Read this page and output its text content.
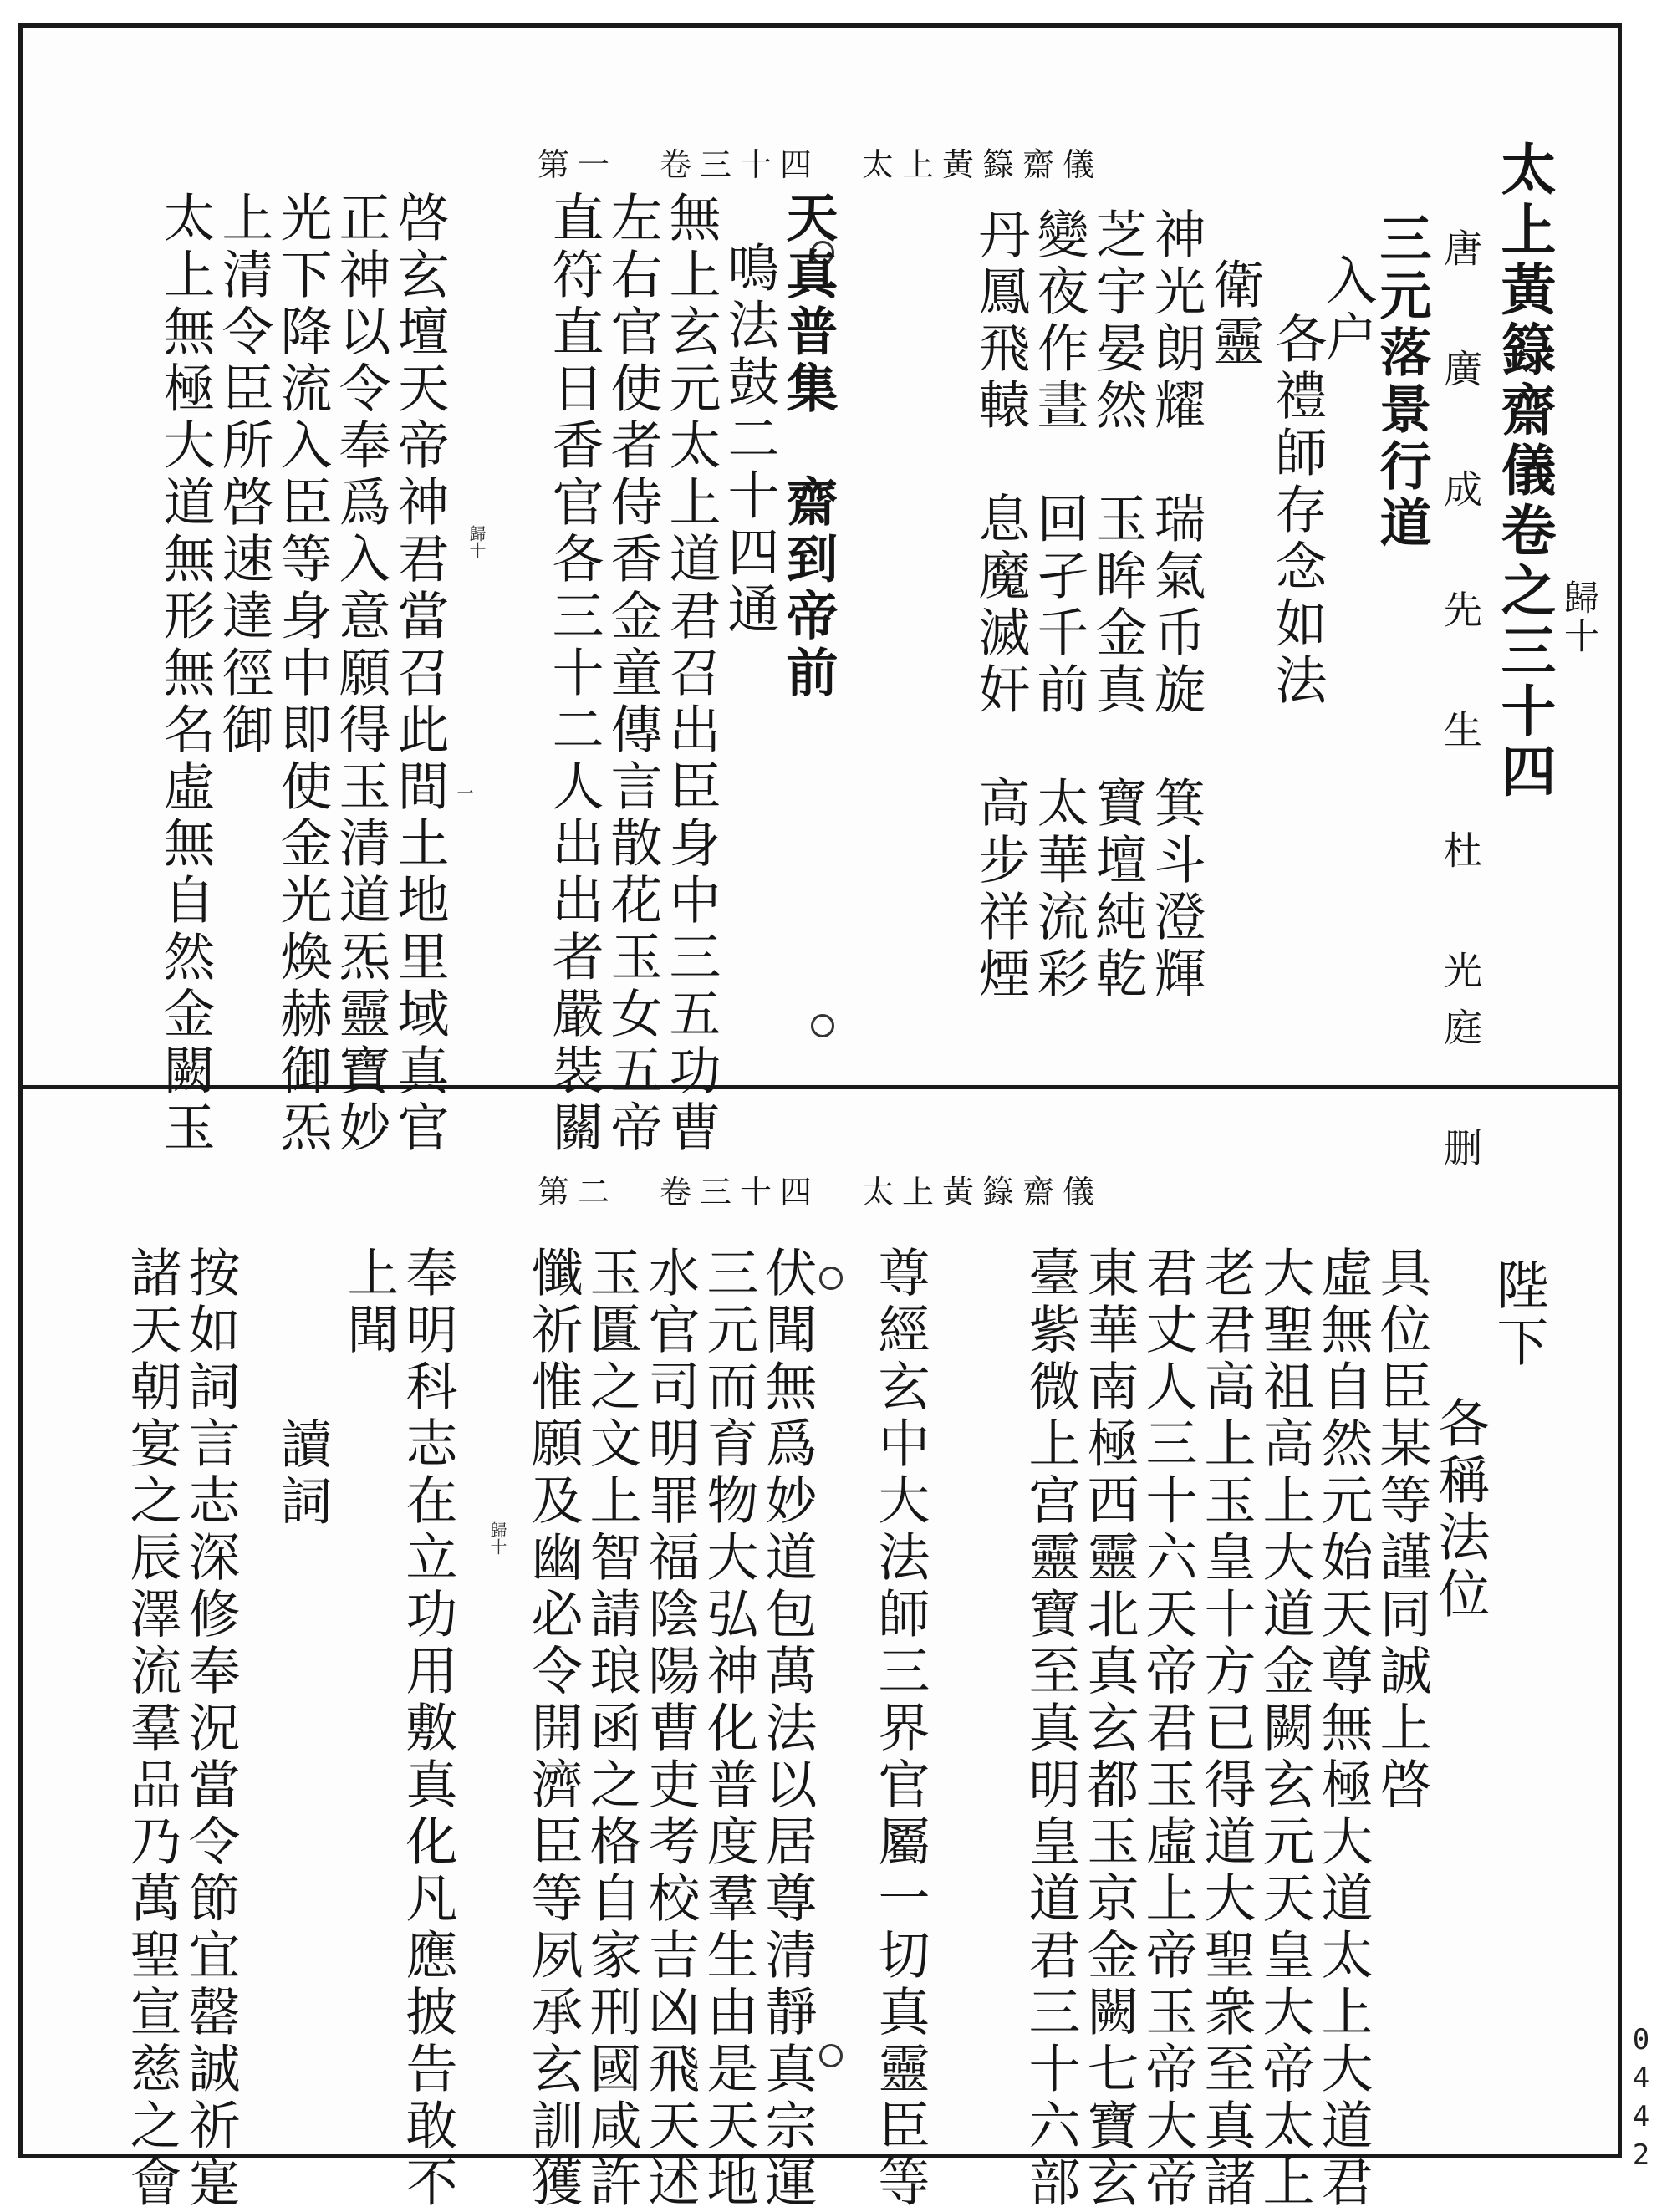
第一 卷三十四 太上黃籙齋儀
歸十
太上黃籙齋儀卷之三十四
唐 廣 成 先 生 杜 光庭 删
三元落景行道
入户
各禮師存念如法
衛靈
神光朗耀　瑞氣币旋　箕斗澄輝
芝宇晏然　玉眸金真　寶壇純乾
變夜作晝　回孑千前　太華流彩
丹鳳飛轅　息魔滅奸　高步祥煙
天真普集　齋到帝前
鳴法鼓二十四通
無上玄元太上道君召出臣身中三五功曹
左右官使者侍香金童傳言散花玉女五帝
直符直日香官各三十二人出出者嚴裝關
歸十
一
啓玄壇天帝神君當召此間土地里域真官
正神以令奉爲入意願得玉清道炁靈寶妙
光下降流入臣等身中即使金光煥赫御炁
上清令臣所啓速達徑御
太上無極大道無形無名虛無自然金闕玉
第二 卷三十四 太上黃籙齋儀
陛下
各稱法位
具位臣某等謹同誠上啓
虛無自然元始天尊無極大道太上大道君
大聖祖高上大道金闕玄元天皇大帝太上
老君高上玉皇十方已得道大聖衆至真諸
君丈人三十六天帝君玉虛上帝玉帝大帝
東華南極西靈北真玄都玉京金闕七寶玄
臺紫微上宫靈寶至真明皇道君三十六部
尊經玄中大法師三界官屬一切真靈臣等
伏聞無爲妙道包萬法以居尊清靜真宗運
三元而育物大弘神化普度羣生由是天地
水官司明罪福陰陽曹吏考校吉凶飛天述
玉匱之文上智請琅函之格自家刑國咸許
懺祈惟願及幽必令開濟臣等夙承玄訓獲
歸十
奉明科志在立功用敷真化凡應披告敢不
上聞
讀詞
按如詞言志深修奉況當令節宜罄誠祈寔
諸天朝宴之辰澤流羣品乃萬聖宣慈之會	0442
